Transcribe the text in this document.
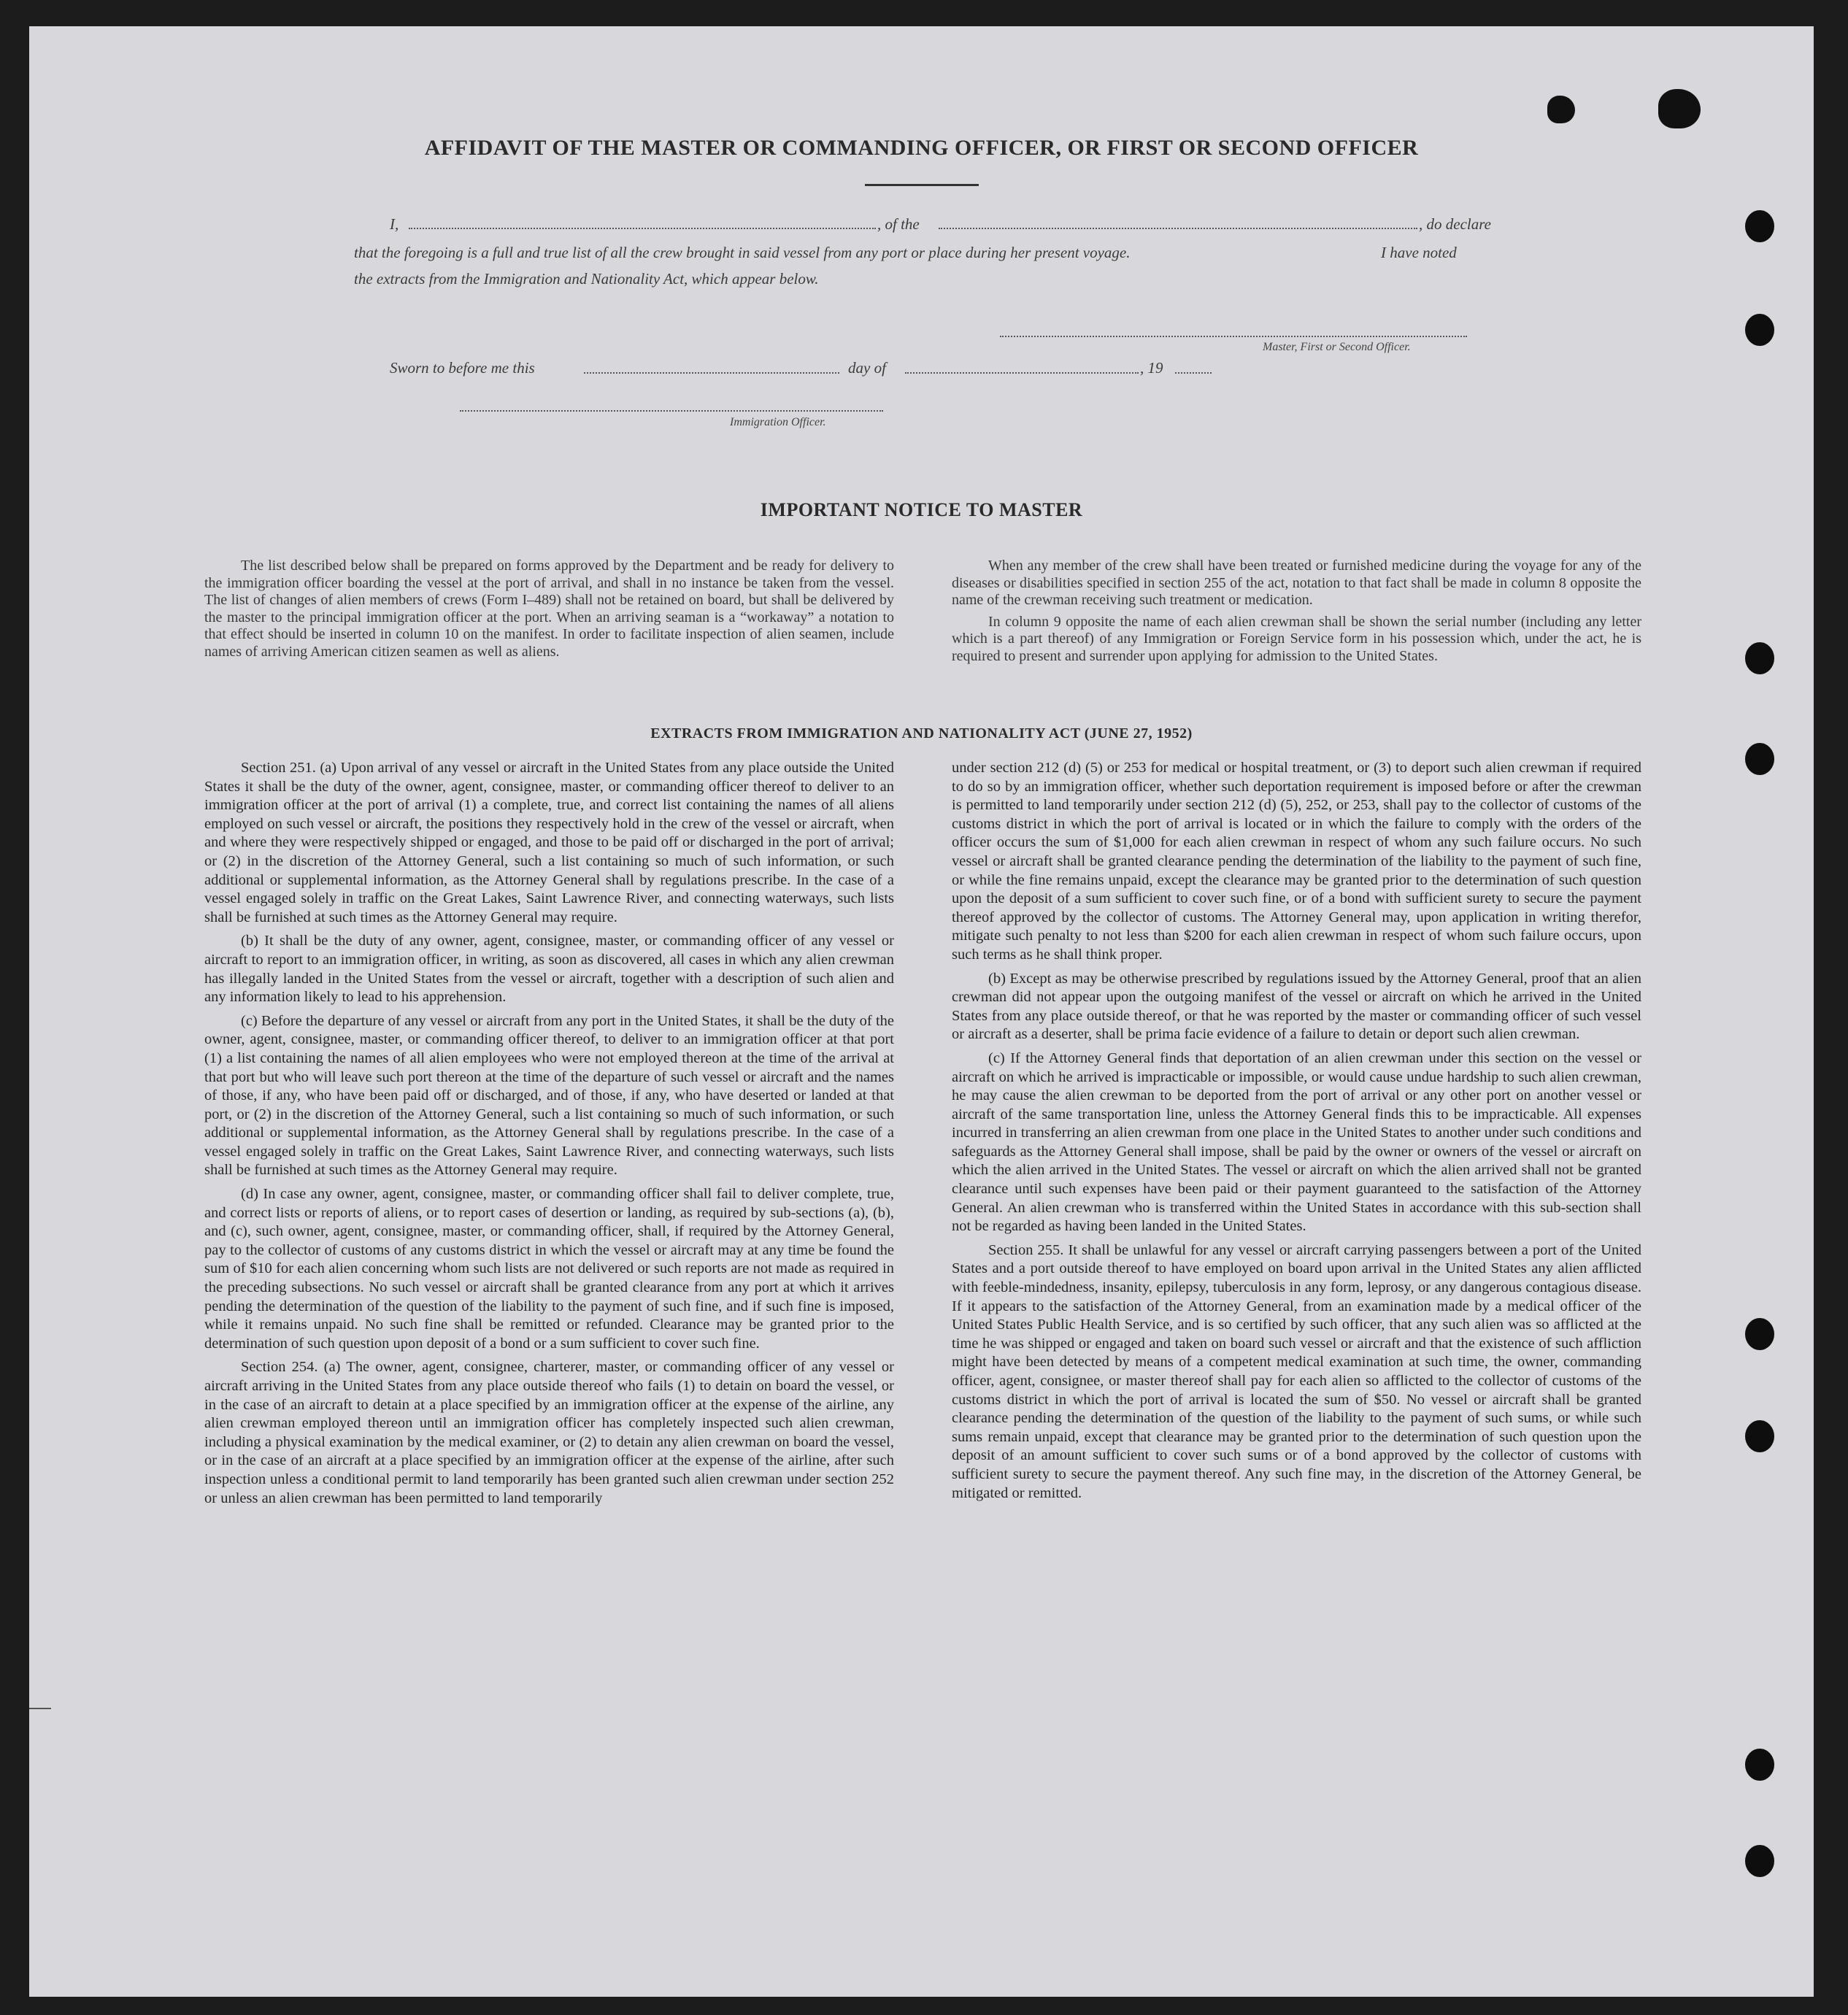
AFFIDAVIT OF THE MASTER OR COMMANDING OFFICER, OR FIRST OR SECOND OFFICER
I,	, of the	, do declare
that the foregoing is a full and true list of all the crew brought in said vessel from any port or place during her present voyage.	I have noted
the extracts from the Immigration and Nationality Act, which appear below.
Master, First or Second Officer.
Sworn to before me this	day of	, 19
Immigration Officer.
IMPORTANT NOTICE TO MASTER

The list described below shall be prepared on forms approved by the Department and be ready for delivery to the immigration officer boarding the vessel at the port of arrival, and shall in no instance be taken from the vessel. The list of changes of alien members of crews (Form I–489) shall not be retained on board, but shall be delivered by the master to the principal immigration officer at the port. When an arriving seaman is a “workaway” a notation to that effect should be inserted in column 10 on the manifest. In order to facilitate inspection of alien seamen, include names of arriving American citizen seamen as well as aliens.

When any member of the crew shall have been treated or furnished medicine during the voyage for any of the diseases or disabilities specified in section 255 of the act, notation to that fact shall be made in column 8 opposite the name of the crewman receiving such treatment or medication.

In column 9 opposite the name of each alien crewman shall be shown the serial number (including any letter which is a part thereof) of any Immigration or Foreign Service form in his possession which, under the act, he is required to present and surrender upon applying for admission to the United States.

EXTRACTS FROM IMMIGRATION AND NATIONALITY ACT (JUNE 27, 1952)

Section 251. (a) Upon arrival of any vessel or aircraft in the United States from any place outside the United States it shall be the duty of the owner, agent, consignee, master, or commanding officer thereof to deliver to an immigration officer at the port of arrival (1) a complete, true, and correct list containing the names of all aliens employed on such vessel or aircraft, the positions they respectively hold in the crew of the vessel or aircraft, when and where they were respectively shipped or engaged, and those to be paid off or discharged in the port of arrival; or (2) in the discretion of the Attorney General, such a list containing so much of such information, or such additional or supplemental information, as the Attorney General shall by regulations prescribe. In the case of a vessel engaged solely in traffic on the Great Lakes, Saint Lawrence River, and connecting waterways, such lists shall be furnished at such times as the Attorney General may require.

(b) It shall be the duty of any owner, agent, consignee, master, or commanding officer of any vessel or aircraft to report to an immigration officer, in writing, as soon as discovered, all cases in which any alien crewman has illegally landed in the United States from the vessel or aircraft, together with a description of such alien and any information likely to lead to his apprehension.

(c) Before the departure of any vessel or aircraft from any port in the United States, it shall be the duty of the owner, agent, consignee, master, or commanding officer thereof, to deliver to an immigration officer at that port (1) a list containing the names of all alien employees who were not employed thereon at the time of the arrival at that port but who will leave such port thereon at the time of the departure of such vessel or aircraft and the names of those, if any, who have been paid off or discharged, and of those, if any, who have deserted or landed at that port, or (2) in the discretion of the Attorney General, such a list containing so much of such information, or such additional or supplemental information, as the Attorney General shall by regulations prescribe. In the case of a vessel engaged solely in traffic on the Great Lakes, Saint Lawrence River, and connecting waterways, such lists shall be furnished at such times as the Attorney General may require.

(d) In case any owner, agent, consignee, master, or commanding officer shall fail to deliver complete, true, and correct lists or reports of aliens, or to report cases of desertion or landing, as required by sub-sections (a), (b), and (c), such owner, agent, consignee, master, or commanding officer, shall, if required by the Attorney General, pay to the collector of customs of any customs district in which the vessel or aircraft may at any time be found the sum of $10 for each alien concerning whom such lists are not delivered or such reports are not made as required in the preceding subsections. No such vessel or aircraft shall be granted clearance from any port at which it arrives pending the determination of the question of the liability to the payment of such fine, and if such fine is imposed, while it remains unpaid. No such fine shall be remitted or refunded. Clearance may be granted prior to the determination of such question upon deposit of a bond or a sum sufficient to cover such fine.

Section 254. (a) The owner, agent, consignee, charterer, master, or commanding officer of any vessel or aircraft arriving in the United States from any place outside thereof who fails (1) to detain on board the vessel, or in the case of an aircraft to detain at a place specified by an immigration officer at the expense of the airline, any alien crewman employed thereon until an immigration officer has completely inspected such alien crewman, including a physical examination by the medical examiner, or (2) to detain any alien crewman on board the vessel, or in the case of an aircraft at a place specified by an immigration officer at the expense of the airline, after such inspection unless a conditional permit to land temporarily has been granted such alien crewman under section 252 or unless an alien crewman has been permitted to land temporarily

under section 212 (d) (5) or 253 for medical or hospital treatment, or (3) to deport such alien crewman if required to do so by an immigration officer, whether such deportation requirement is imposed before or after the crewman is permitted to land temporarily under section 212 (d) (5), 252, or 253, shall pay to the collector of customs of the customs district in which the port of arrival is located or in which the failure to comply with the orders of the officer occurs the sum of $1,000 for each alien crewman in respect of whom any such failure occurs. No such vessel or aircraft shall be granted clearance pending the determination of the liability to the payment of such fine, or while the fine remains unpaid, except the clearance may be granted prior to the determination of such question upon the deposit of a sum sufficient to cover such fine, or of a bond with sufficient surety to secure the payment thereof approved by the collector of customs. The Attorney General may, upon application in writing therefor, mitigate such penalty to not less than $200 for each alien crewman in respect of whom such failure occurs, upon such terms as he shall think proper.

(b) Except as may be otherwise prescribed by regulations issued by the Attorney General, proof that an alien crewman did not appear upon the outgoing manifest of the vessel or aircraft on which he arrived in the United States from any place outside thereof, or that he was reported by the master or commanding officer of such vessel or aircraft as a deserter, shall be prima facie evidence of a failure to detain or deport such alien crewman.

(c) If the Attorney General finds that deportation of an alien crewman under this section on the vessel or aircraft on which he arrived is impracticable or impossible, or would cause undue hardship to such alien crewman, he may cause the alien crewman to be deported from the port of arrival or any other port on another vessel or aircraft of the same transportation line, unless the Attorney General finds this to be impracticable. All expenses incurred in transferring an alien crewman from one place in the United States to another under such conditions and safeguards as the Attorney General shall impose, shall be paid by the owner or owners of the vessel or aircraft on which the alien arrived in the United States. The vessel or aircraft on which the alien arrived shall not be granted clearance until such expenses have been paid or their payment guaranteed to the satisfaction of the Attorney General. An alien crewman who is transferred within the United States in accordance with this sub-section shall not be regarded as having been landed in the United States.

Section 255. It shall be unlawful for any vessel or aircraft carrying passengers between a port of the United States and a port outside thereof to have employed on board upon arrival in the United States any alien afflicted with feeble-mindedness, insanity, epilepsy, tuberculosis in any form, leprosy, or any dangerous contagious disease. If it appears to the satisfaction of the Attorney General, from an examination made by a medical officer of the United States Public Health Service, and is so certified by such officer, that any such alien was so afflicted at the time he was shipped or engaged and taken on board such vessel or aircraft and that the existence of such affliction might have been detected by means of a competent medical examination at such time, the owner, commanding officer, agent, consignee, or master thereof shall pay for each alien so afflicted to the collector of customs of the customs district in which the port of arrival is located the sum of $50. No vessel or aircraft shall be granted clearance pending the determination of the question of the liability to the payment of such sums, or while such sums remain unpaid, except that clearance may be granted prior to the determination of such question upon the deposit of an amount sufficient to cover such sums or of a bond approved by the collector of customs with sufficient surety to secure the payment thereof. Any such fine may, in the discretion of the Attorney General, be mitigated or remitted.
